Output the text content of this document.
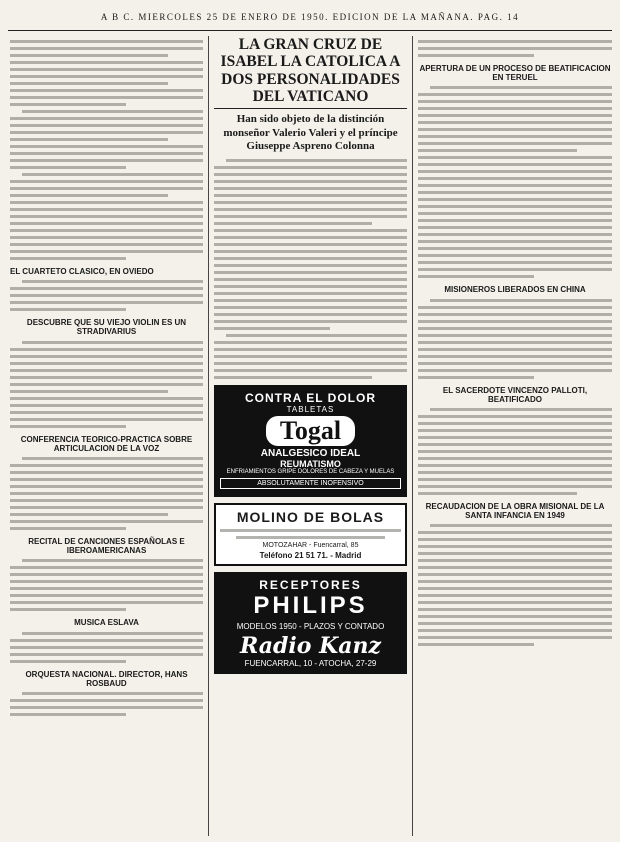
A B C. MIERCOLES 25 DE ENERO DE 1950. EDICION DE LA MAÑANA. PAG. 14
EL CUARTETO CLASICO, EN OVIEDO
DESCUBRE QUE SU VIEJO VIOLIN ES UN STRADIVARIUS
CONFERENCIA TEORICO-PRACTICA SOBRE ARTICULACION DE LA VOZ
RECITAL DE CANCIONES ESPAÑOLAS E IBEROAMERICANAS
MUSICA ESLAVA
ORQUESTA NACIONAL. DIRECTOR, HANS ROSBAUD
LA GRAN CRUZ DE ISABEL LA CATOLICA A DOS PERSONALIDADES DEL VATICANO
Han sido objeto de la distinción monseñor Valerio Valeri y el príncipe Giuseppe Aspreno Colonna
CONTRA EL DOLOR
TABLETAS
Togal
ANALGESICO IDEAL
REUMATISMO
ENFRIAMIENTOS GRIPE DOLORES DE CABEZA Y MUELAS
ABSOLUTAMENTE INOFENSIVO
MOLINO DE BOLAS
MOTOZAHAR - Fuencarral, 85
Teléfono 21 51 71. - Madrid
RECEPTORES
PHILIPS
MODELOS 1950 - PLAZOS Y CONTADO
Radio Kanz
FUENCARRAL, 10 - ATOCHA, 27-29
APERTURA DE UN PROCESO DE BEATIFICACION EN TERUEL
MISIONEROS LIBERADOS EN CHINA
EL SACERDOTE VINCENZO PALLOTI, BEATIFICADO
RECAUDACION DE LA OBRA MISIONAL DE LA SANTA INFANCIA EN 1949
